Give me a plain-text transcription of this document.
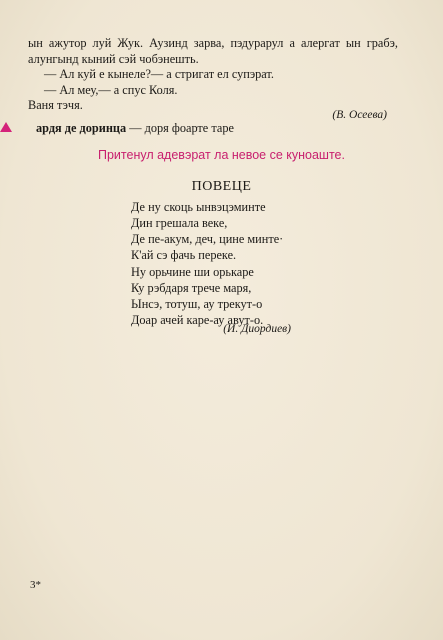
ын ажутор луй Жук. Аузинд зарва, пэдурарул а алергат ын грабэ, алунгынд кыний сэй чобэнешть.

— Ал куй е кынеле?— а стригат ел супэрат.

— Ал меу,— а спус Коля.

Ваня тэчя.

(В. Осеева)
ардя де доринца — доря фоарте таре
Притенул адевэрат ла невое се куноаште.
ПОВЕЦЕ
Де ну скоць ынвэцэминте
Дин грешала веке,
Де пе-акум, деч, цине минте·
К'ай сэ фачь переке.
Ну орьчине ши орькаре
Ку рэбдаря трече маря,
Ынсэ, тотуш, ау трекут-о
Доар ачей каре-ау авут-о.
(И. Диордиев)
3*
